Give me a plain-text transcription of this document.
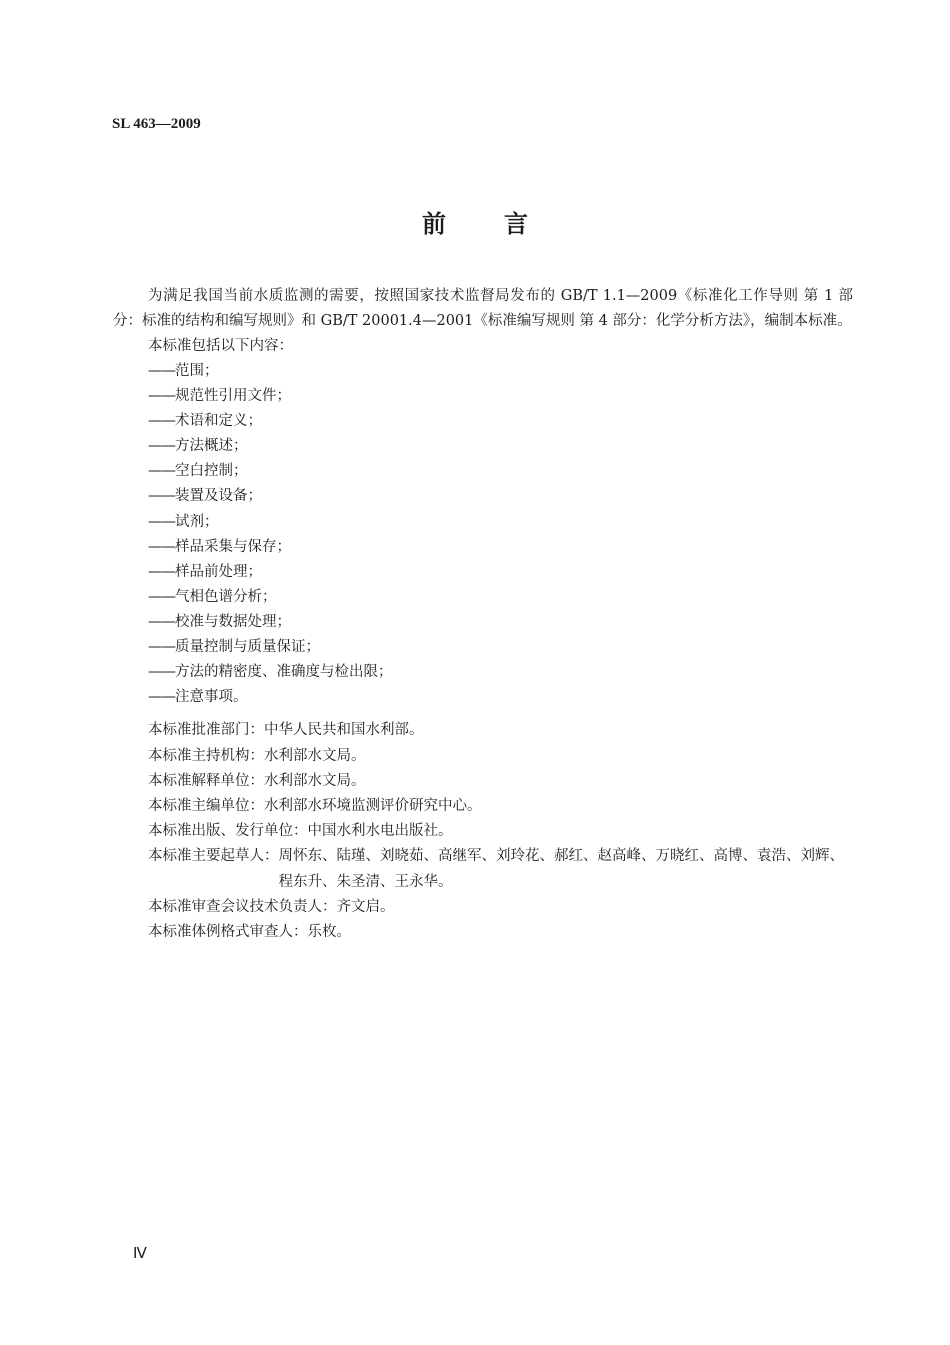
SL 463—2009
前言

为满足我国当前水质监测的需要，按照国家技术监督局发布的 GB/T 1.1—2009《标准化工作导则 第 1 部分：标准的结构和编写规则》和 GB/T 20001.4—2001《标准编写规则 第 4 部分：化学分析方法》，编制本标准。

本标准包括以下内容：

——范围；
——规范性引用文件；
——术语和定义；
——方法概述；
——空白控制；
——装置及设备；
——试剂；
——样品采集与保存；
——样品前处理；
——气相色谱分析；
——校准与数据处理；
——质量控制与质量保证；
——方法的精密度、准确度与检出限；
——注意事项。
本标准批准部门：中华人民共和国水利部。
本标准主持机构：水利部水文局。
本标准解释单位：水利部水文局。
本标准主编单位：水利部水环境监测评价研究中心。
本标准出版、发行单位：中国水利水电出版社。
本标准主要起草人： 周怀东、陆瑾、刘晓茹、高继军、刘玲花、郝红、赵高峰、万晓红、高博、袁浩、刘辉、程东升、朱圣清、王永华。
本标准审查会议技术负责人：齐文启。
本标准体例格式审查人：乐枚。
Ⅳ
